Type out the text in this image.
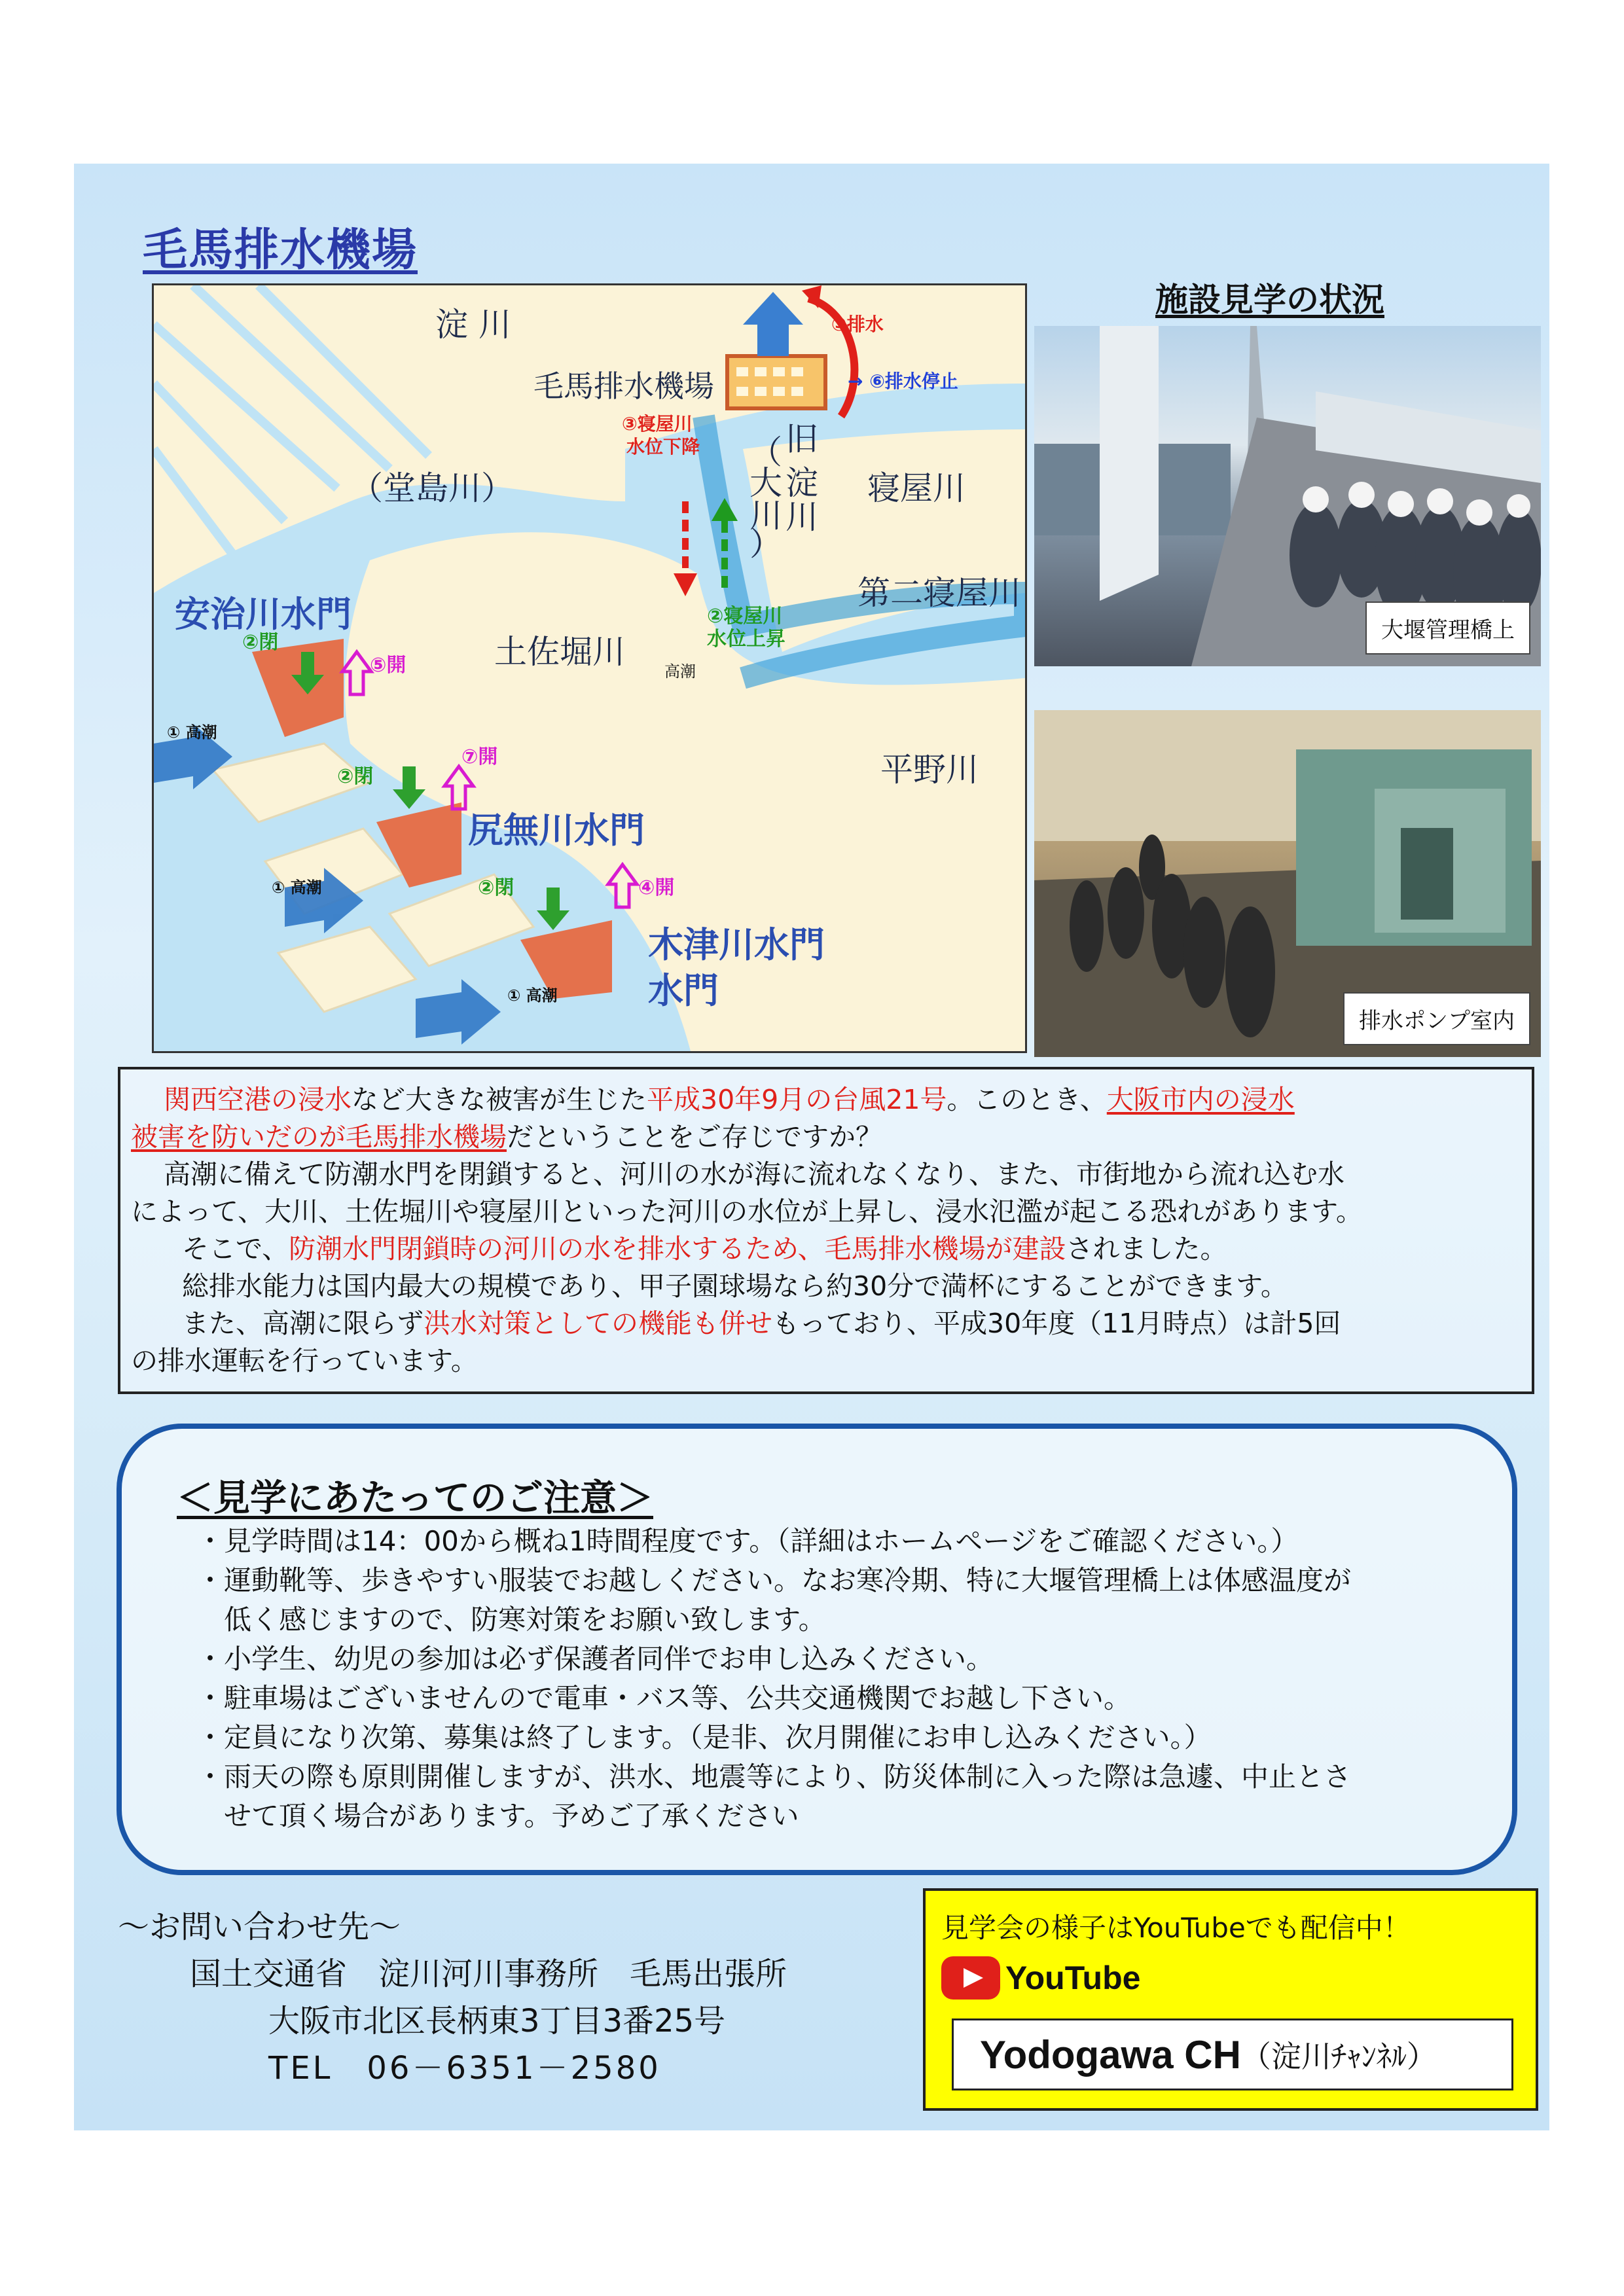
毛馬排水機場
淀 川
毛馬排水機場
（堂島川）
旧
淀
川
（
大
川
）
寝屋川
第二寝屋川
土佐堀川
平野川
安治川水門
尻無川水門
木津川水門
水門
③排水
→ ⑥排水停止
③寝屋川
水位下降
②寝屋川
水位上昇
②閉
⑤開
②閉
⑦開
②閉	④開
① 高潮
① 高潮
① 高潮
高潮
施設見学の状況
大堰管理橋上
排水ポンプ室内

関西空港の浸水など大きな被害が生じた平成30年9月の台風21号。このとき、大阪市内の浸水

被害を防いだのが毛馬排水機場だということをご存じですか？

高潮に備えて防潮水門を閉鎖すると、河川の水が海に流れなくなり、また、市街地から流れ込む水

によって、大川、土佐堀川や寝屋川といった河川の水位が上昇し、浸水氾濫が起こる恐れがあります。

そこで、防潮水門閉鎖時の河川の水を排水するため、毛馬排水機場が建設されました。

総排水能力は国内最大の規模であり、甲子園球場なら約30分で満杯にすることができます。

また、高潮に限らず洪水対策としての機能も併せもっており、平成30年度（11月時点）は計5回

の排水運転を行っています。

＜見学にあたってのご注意＞
・見学時間は14：00から概ね1時間程度です。（詳細はホームページをご確認ください。）
・運動靴等、歩きやすい服装でお越しください。なお寒冷期、特に大堰管理橋上は体感温度が
　低く感じますので、防寒対策をお願い致します。
・小学生、幼児の参加は必ず保護者同伴でお申し込みください。
・駐車場はございませんので電車・バス等、公共交通機関でお越し下さい。
・定員になり次第、募集は終了します。（是非、次月開催にお申し込みください。）
・雨天の際も原則開催しますが、洪水、地震等により、防災体制に入った際は急遽、中止とさ
　せて頂く場合があります。予めご了承ください
～お問い合わせ先～
国土交通省　淀川河川事務所　毛馬出張所
大阪市北区長柄東3丁目3番25号
TEL　06－6351－2580
見学会の様子はYouTubeでも配信中！
YouTube
Yodogawa CH （淀川ﾁｬﾝﾈﾙ）
